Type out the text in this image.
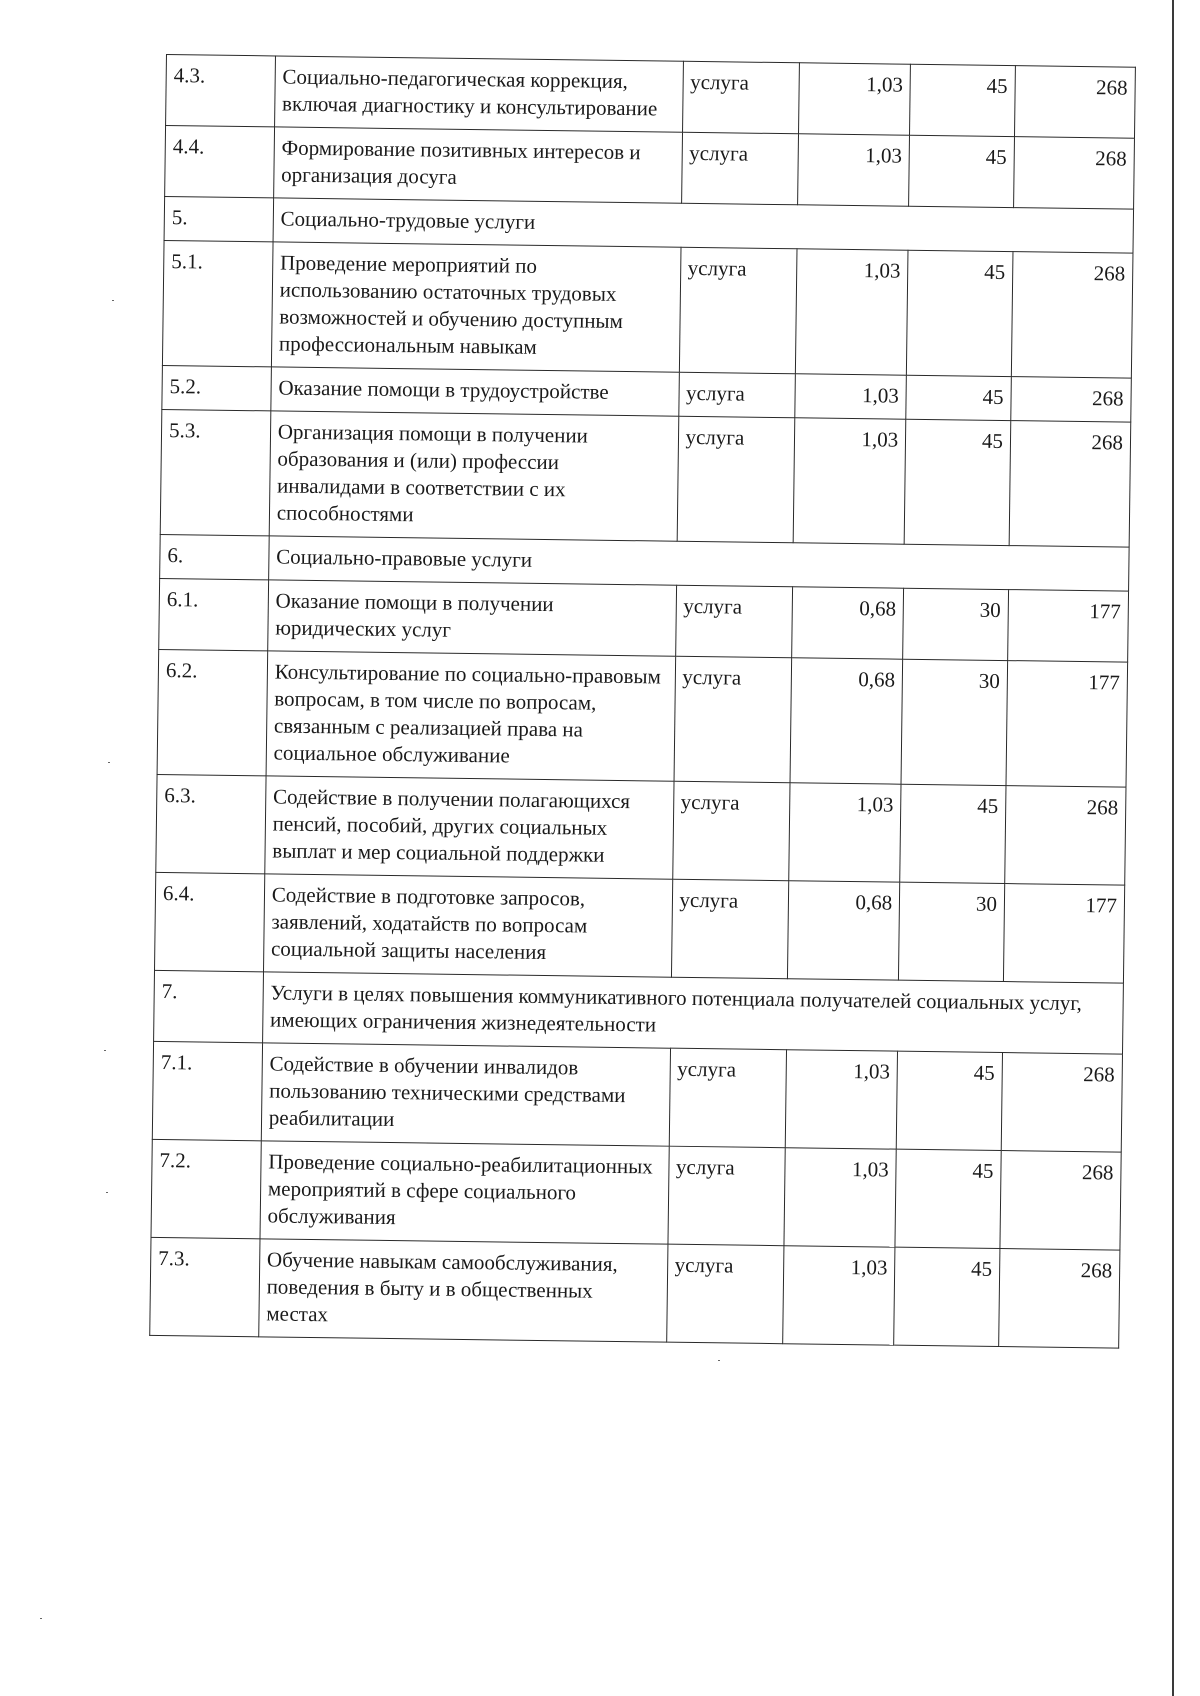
4.3.	Социально-педагогическая коррекция, включая диагностику и консультирование	услуга	1,03	45	268
4.4.	Формирование позитивных интересов и организация досуга	услуга	1,03	45	268
5.	Социально-трудовые услуги				
5.1.	Проведение мероприятий по использованию остаточных трудовых возможностей и обучению доступным профессиональным навыкам	услуга	1,03	45	268
5.2.	Оказание помощи в трудоустройстве	услуга	1,03	45	268
5.3.	Организация помощи в получении образования и (или) профессии инвалидами в соответствии с их способностями	услуга	1,03	45	268
6.	Социально-правовые услуги				
6.1.	Оказание помощи в получении юридических услуг	услуга	0,68	30	177
6.2.	Консультирование по социально-правовым вопросам, в том числе по вопросам, связанным с реализацией права на социальное обслуживание	услуга	0,68	30	177
6.3.	Содействие в получении полагающихся пенсий, пособий, других социальных выплат и мер социальной поддержки	услуга	1,03	45	268
6.4.	Содействие в подготовке запросов, заявлений, ходатайств по вопросам социальной защиты населения	услуга	0,68	30	177
7.	Услуги в целях повышения коммуникативного потенциала получателей социальных услуг, имеющих ограничения жизнедеятельности				
7.1.	Содействие в обучении инвалидов пользованию техническими средствами реабилитации	услуга	1,03	45	268
7.2.	Проведение социально-реабилитационных мероприятий в сфере социального обслуживания	услуга	1,03	45	268
7.3.	Обучение навыкам самообслуживания, поведения в быту и в общественных местах	услуга	1,03	45	268
